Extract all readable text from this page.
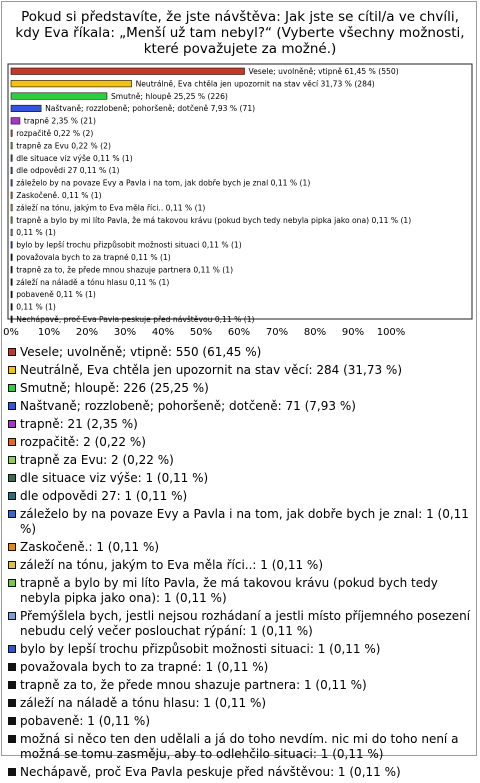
Pokud si představíte, že jste návštěva: Jak jste se cítil/a ve chvíli, kdy Eva říkala: „Menší už tam nebyl?“ (Vyberte všechny možnosti, které považujete za možné.)
Vesele; uvolněně; vtipně 61,45 % (550)
Neutrálně, Eva chtěla jen upozornit na stav věcí 31,73 % (284)
Smutně; hloupě 25,25 % (226)
Naštvaně; rozzlobeně; pohoršeně; dotčeně 7,93 % (71)
trapně 2,35 % (21)
rozpačitě 0,22 % (2)
trapně za Evu 0,22 % (2)
dle situace viz výše 0,11 % (1)
dle odpovědi 27 0,11 % (1)
záleželo by na povaze Evy a Pavla i na tom, jak dobře bych je znal 0,11 % (1)
Zaskočeně. 0,11 % (1)
záleží na tónu, jakým to Eva měla říci.. 0,11 % (1)
trapně a bylo by mi líto Pavla, že má takovou krávu (pokud bych tedy nebyla pipka jako ona) 0,11 % (1)
0,11 % (1)
bylo by lepší trochu přizpůsobit možnosti situaci 0,11 % (1)
považovala bych to za trapné 0,11 % (1)
trapně za to, že přede mnou shazuje partnera 0,11 % (1)
záleží na náladě a tónu hlasu 0,11 % (1)
pobaveně 0,11 % (1)
0,11 % (1)
Nechápavě, proč Eva Pavla peskuje před návštěvou 0,11 % (1)
0% 10% 20% 30% 40% 50% 60% 70% 80% 90% 100%
Vesele; uvolněně; vtipně: 550 (61,45 %)
Neutrálně, Eva chtěla jen upozornit na stav věcí: 284 (31,73 %)
Smutně; hloupě: 226 (25,25 %)
Naštvaně; rozzlobeně; pohoršeně; dotčeně: 71 (7,93 %)
trapně: 21 (2,35 %)
rozpačitě: 2 (0,22 %)
trapně za Evu: 2 (0,22 %)
dle situace viz výše: 1 (0,11 %)
dle odpovědi 27: 1 (0,11 %)
záleželo by na povaze Evy a Pavla i na tom, jak dobře bych je znal: 1 (0,11 %)
Zaskočeně.: 1 (0,11 %)
záleží na tónu, jakým to Eva měla říci..: 1 (0,11 %)
trapně a bylo by mi líto Pavla, že má takovou krávu (pokud bych tedy nebyla pipka jako ona): 1 (0,11 %)
Přemýšlela bych, jestli nejsou rozhádaní a jestli místo příjemného posezení nebudu celý večer poslouchat rýpání: 1 (0,11 %)
bylo by lepší trochu přizpůsobit možnosti situaci: 1 (0,11 %)
považovala bych to za trapné: 1 (0,11 %)
trapně za to, že přede mnou shazuje partnera: 1 (0,11 %)
záleží na náladě a tónu hlasu: 1 (0,11 %)
pobaveně: 1 (0,11 %)
možná si něco ten den udělali a já do toho nevdím. nic mi do toho není a možná se tomu zasměju, aby to odlehčilo situaci: 1 (0,11 %)
Nechápavě, proč Eva Pavla peskuje před návštěvou: 1 (0,11 %)
